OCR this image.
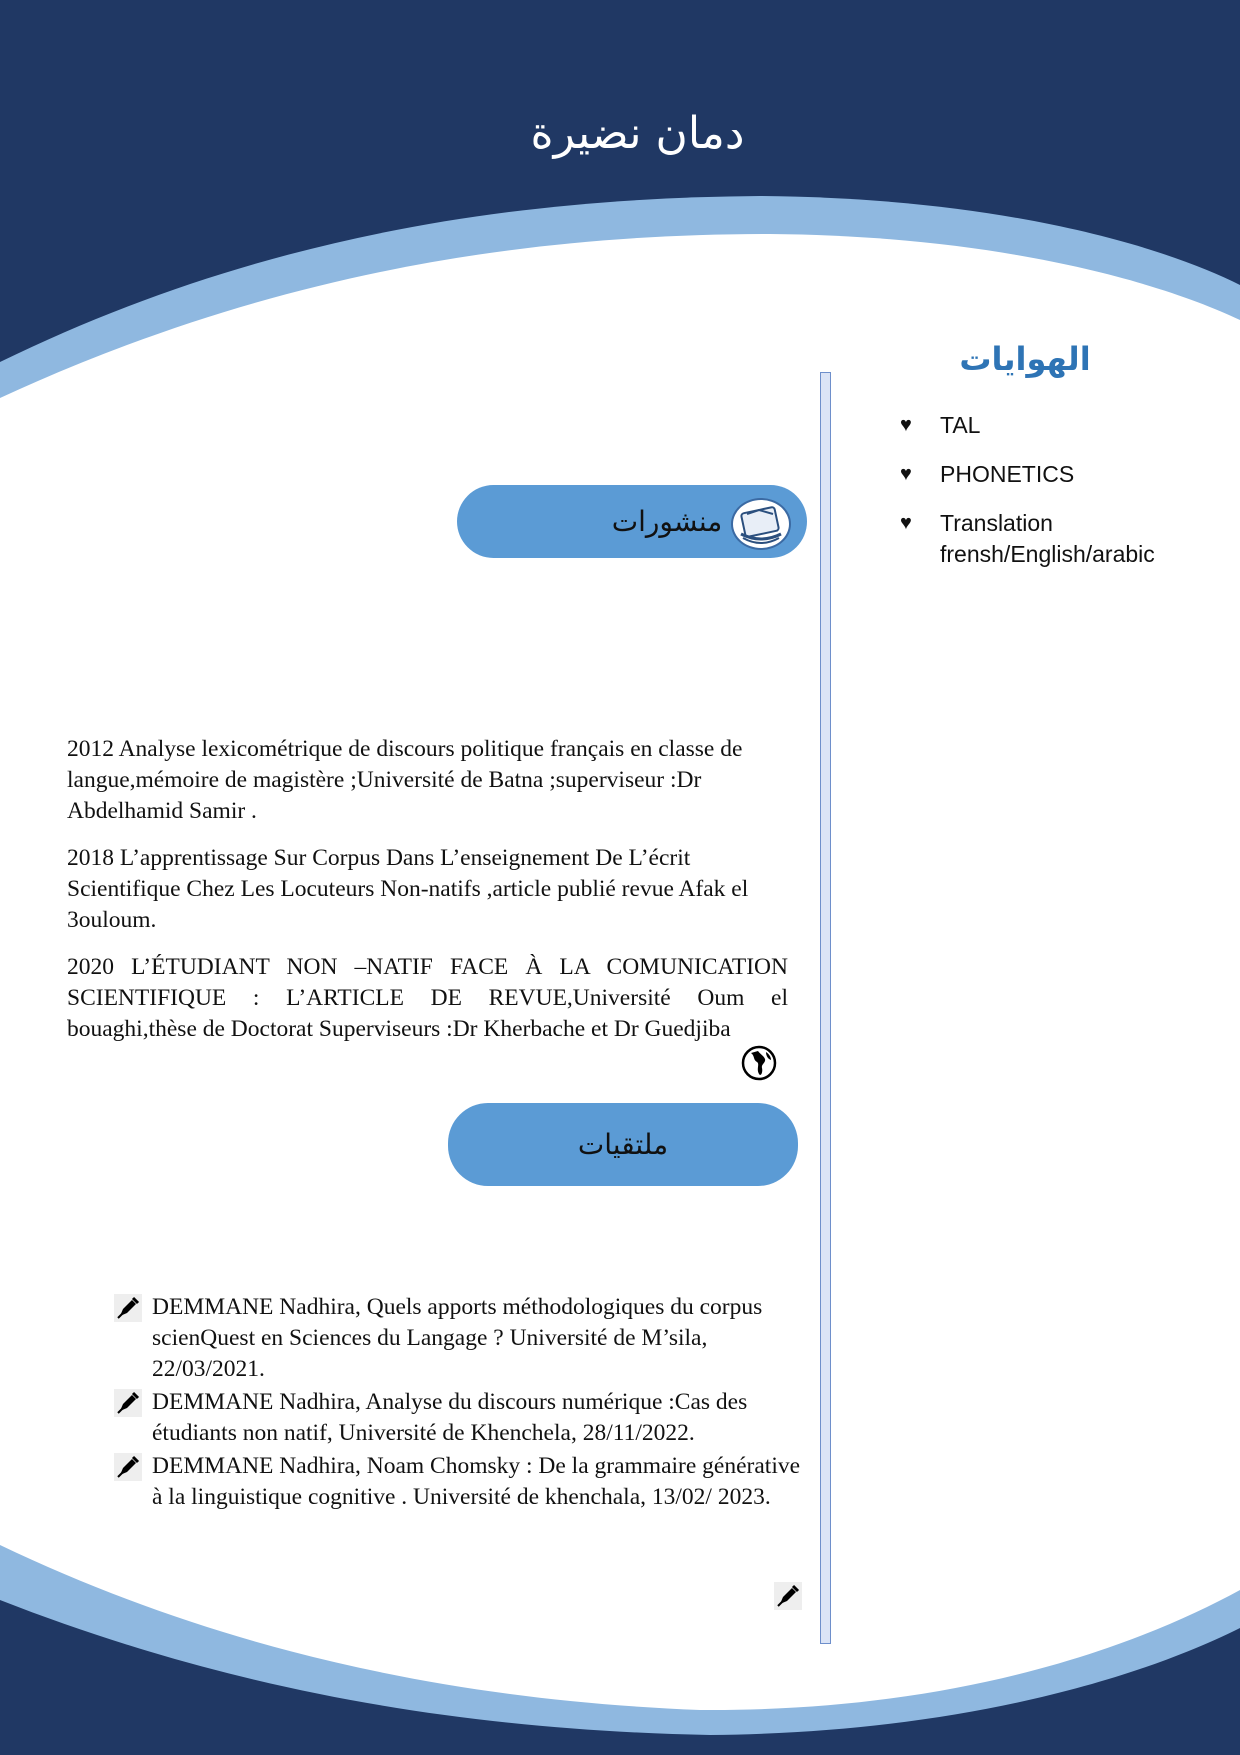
دمان نضيرة
الهوايات
♥ TAL
♥ PHONETICS
♥ Translation frensh/English/arabic
منشورات

2012 Analyse lexicométrique de discours politique français en classe de langue,mémoire de magistère ;Université de Batna ;superviseur :Dr Abdelhamid Samir .

2018 L’apprentissage Sur Corpus Dans L’enseignement De L’écrit Scientifique Chez Les Locuteurs Non-natifs ,article publié revue Afak el 3ouloum.

2020 L’ÉTUDIANT NON –NATIF FACE À LA COMUNICATION SCIENTIFIQUE : L’ARTICLE DE REVUE,Université Oum el bouaghi,thèse de Doctorat Superviseurs :Dr Kherbache et Dr Guedjiba

ملتقيات
DEMMANE Nadhira, Quels apports méthodologiques du corpus scienQuest en Sciences du Langage ? Université de M’sila, 22/03/2021.
DEMMANE Nadhira, Analyse du discours numérique :Cas des étudiants non natif, Université de Khenchela, 28/11/2022.
DEMMANE Nadhira, Noam Chomsky : De la grammaire générative à la linguistique cognitive . Université de khenchala, 13/02/ 2023.
